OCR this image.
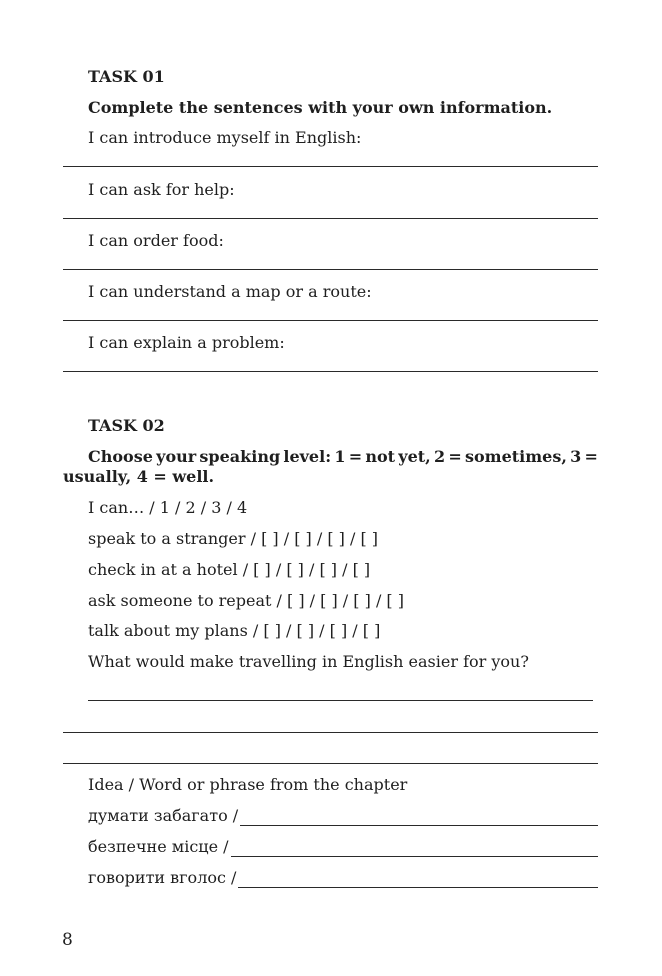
TASK 01
Complete the sentences with your own information.
I can introduce myself in English:
I can ask for help:
I can order food:
I can understand a map or a route:
I can explain a problem:
TASK 02
Choose your speaking level: 1 = not yet, 2 = sometimes, 3 =
usually, 4 = well.
I can… / 1 / 2 / 3 / 4
speak to a stranger / [ ] / [ ] / [ ] / [ ]
check in at a hotel / [ ] / [ ] / [ ] / [ ]
ask someone to repeat / [ ] / [ ] / [ ] / [ ]
talk about my plans / [ ] / [ ] / [ ] / [ ]
What would make travelling in English easier for you?
Idea / Word or phrase from the chapter
думати забагато /
безпечне місце /
говорити вголос /
8
